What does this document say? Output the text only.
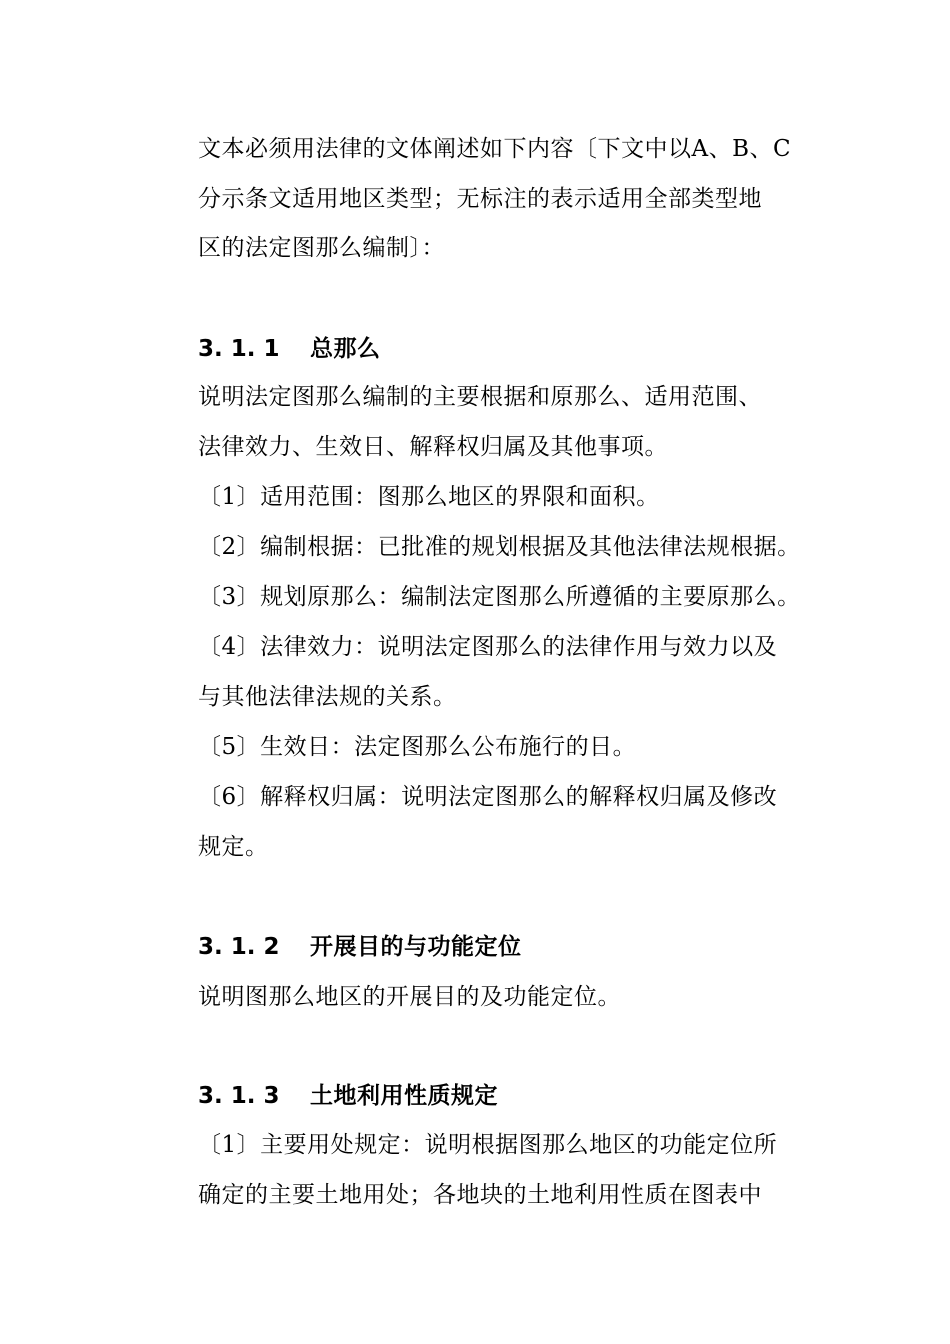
文本必须用法律的文体阐述如下内容〔下文中以A、B、C
分示条文适用地区类型；无标注的表示适用全部类型地
区的法定图那么编制〕：
3. 1. 1 总那么
说明法定图那么编制的主要根据和原那么、适用范围、
法律效力、生效日、解释权归属及其他事项。
〔1〕适用范围：图那么地区的界限和面积。
〔2〕编制根据：已批准的规划根据及其他法律法规根据。
〔3〕规划原那么：编制法定图那么所遵循的主要原那么。
〔4〕法律效力：说明法定图那么的法律作用与效力以及
与其他法律法规的关系。
〔5〕生效日：法定图那么公布施行的日。
〔6〕解释权归属：说明法定图那么的解释权归属及修改
规定。
3. 1. 2 开展目的与功能定位
说明图那么地区的开展目的及功能定位。
3. 1. 3 土地利用性质规定
〔1〕主要用处规定：说明根据图那么地区的功能定位所
确定的主要土地用处；各地块的土地利用性质在图表中
